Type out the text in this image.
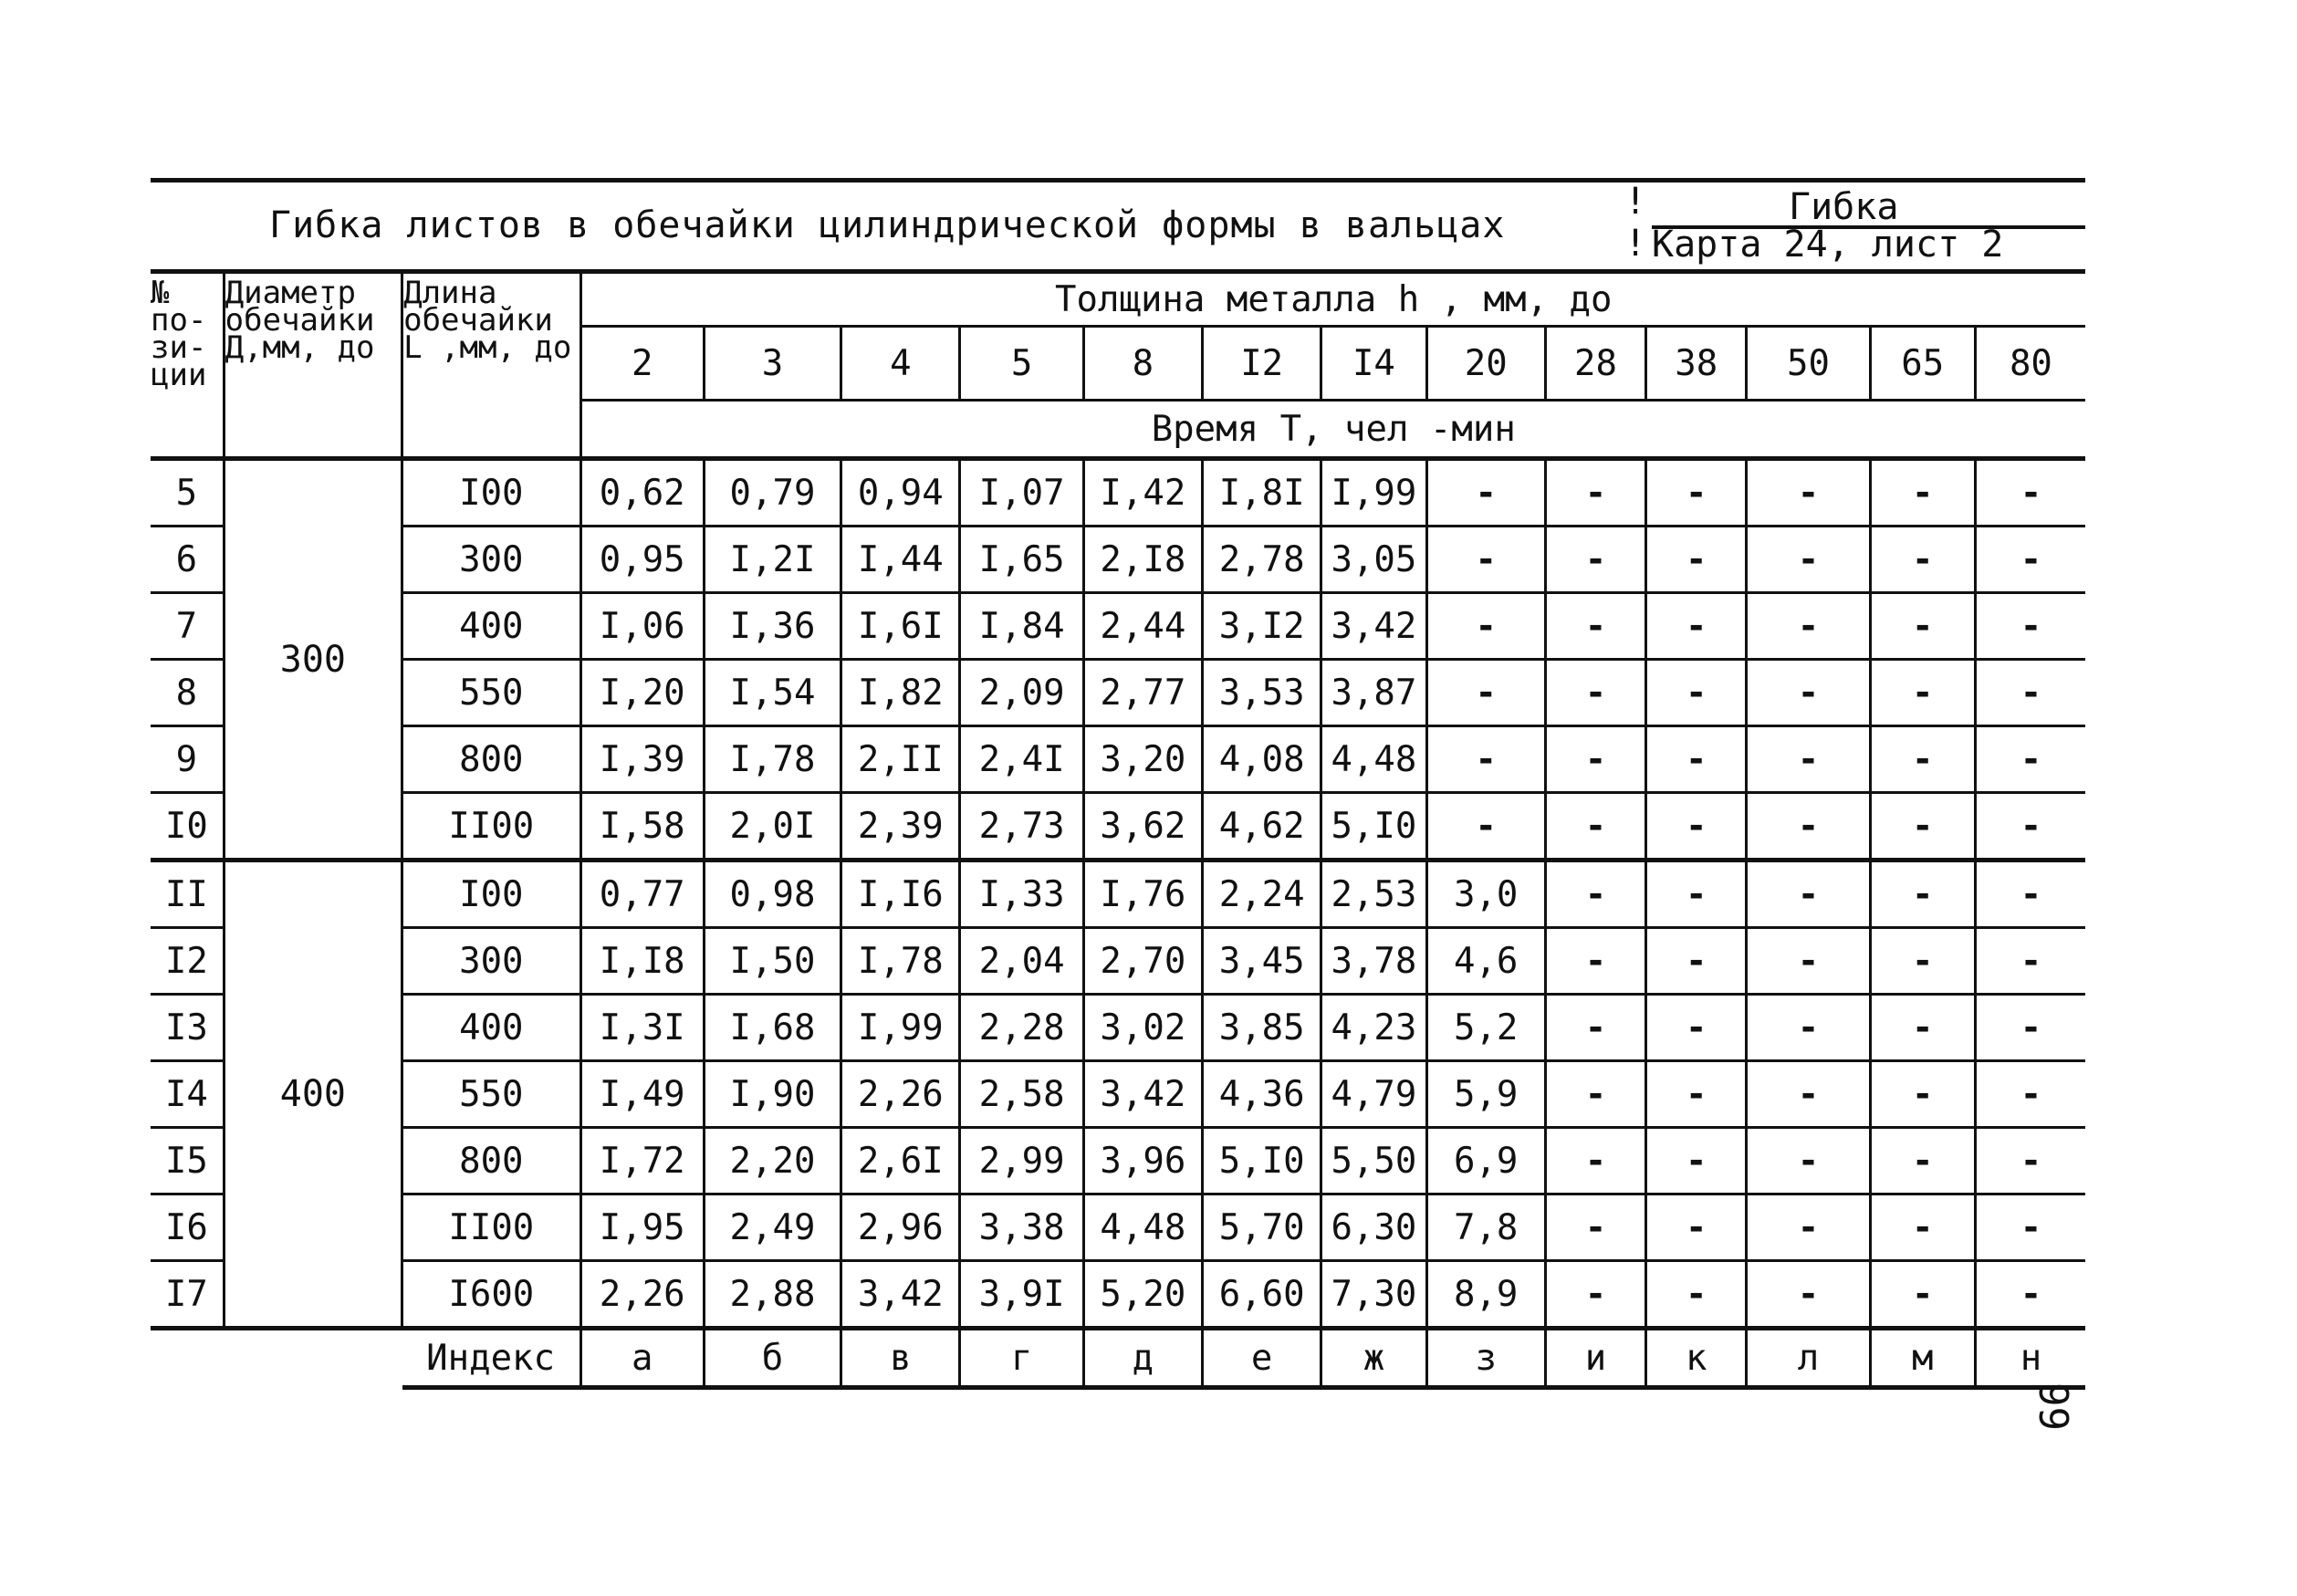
Гибка листов в обечайки цилиндрической формы в вальцах
!
!
Гибка
Карта 24, лист 2
№ по- зи- ции	Диаметр обечайки Д,мм, до	Длина обечайки L ,мм, до	Толщина металла h , мм, до												
			2	3	4	5	8	I2	I4	20	28	38	50	65	80
			Время Т, чел -мин												
5	300	I00	0,62	0,79	0,94	I,07	I,42	I,8I	I,99	-	-	-	-	-	-
6		300	0,95	I,2I	I,44	I,65	2,I8	2,78	3,05	-	-	-	-	-	-
7		400	I,06	I,36	I,6I	I,84	2,44	3,I2	3,42	-	-	-	-	-	-
8		550	I,20	I,54	I,82	2,09	2,77	3,53	3,87	-	-	-	-	-	-
9		800	I,39	I,78	2,II	2,4I	3,20	4,08	4,48	-	-	-	-	-	-
I0		II00	I,58	2,0I	2,39	2,73	3,62	4,62	5,I0	-	-	-	-	-	-
II	400	I00	0,77	0,98	I,I6	I,33	I,76	2,24	2,53	3,0	-	-	-	-	-
I2		300	I,I8	I,50	I,78	2,04	2,70	3,45	3,78	4,6	-	-	-	-	-
I3		400	I,3I	I,68	I,99	2,28	3,02	3,85	4,23	5,2	-	-	-	-	-
I4		550	I,49	I,90	2,26	2,58	3,42	4,36	4,79	5,9	-	-	-	-	-
I5		800	I,72	2,20	2,6I	2,99	3,96	5,I0	5,50	6,9	-	-	-	-	-
I6		II00	I,95	2,49	2,96	3,38	4,48	5,70	6,30	7,8	-	-	-	-	-
I7		I600	2,26	2,88	3,42	3,9I	5,20	6,60	7,30	8,9	-	-	-	-	-
		Индекс	а	б	в	г	д	е	ж	з	и	к	л	м	н
99
